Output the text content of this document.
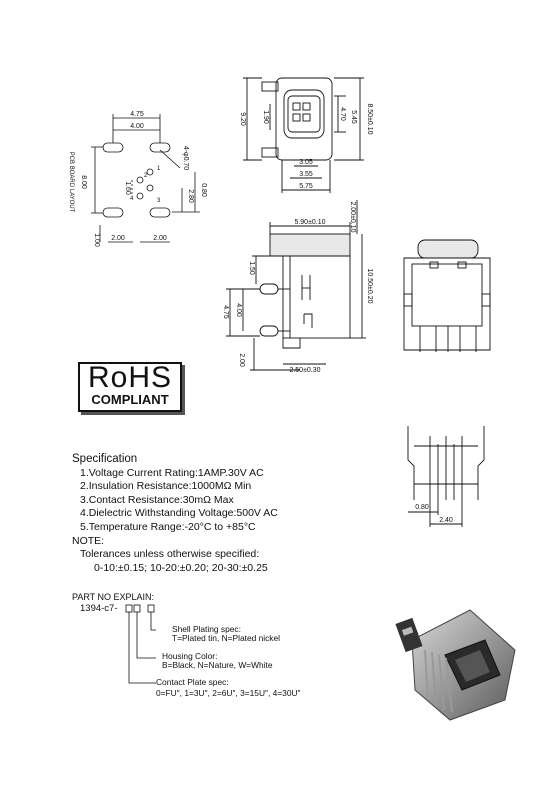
PCB BOARD LAYOUT
4.75
4.00
4-φ0.70
8.00	1.60
2.80 0.80
1.00 2.00	2.00
1
2
3
4
9.20 1.90	5.45
4.70	8.50±0.10
3.05
3.55
5.75
5.90±0.10	2.00±0.10
1.50
4.00
4.75
10.50±0.20
2.00
2.50±0.30
0.80
2.40
RoHS
COMPLIANT
Specification
1.Voltage Current Rating:1AMP.30V AC
2.Insulation Resistance:1000MΩ Min
3.Contact Resistance:30mΩ Max
4.Dielectric Withstanding Voltage:500V AC
5.Temperature Range:-20°C to +85°C
NOTE:
Tolerances unless otherwise specified:
0-10:±0.15; 10-20:±0.20; 20-30:±0.25
PART NO EXPLAIN:
1394-c7-
Shell Plating spec:
T=Plated tin, N=Plated nickel
Housing Color:
B=Black, N=Nature, W=White
Contact Plate spec:
0=FU″, 1=3U″, 2=6U″, 3=15U″, 4=30U″
